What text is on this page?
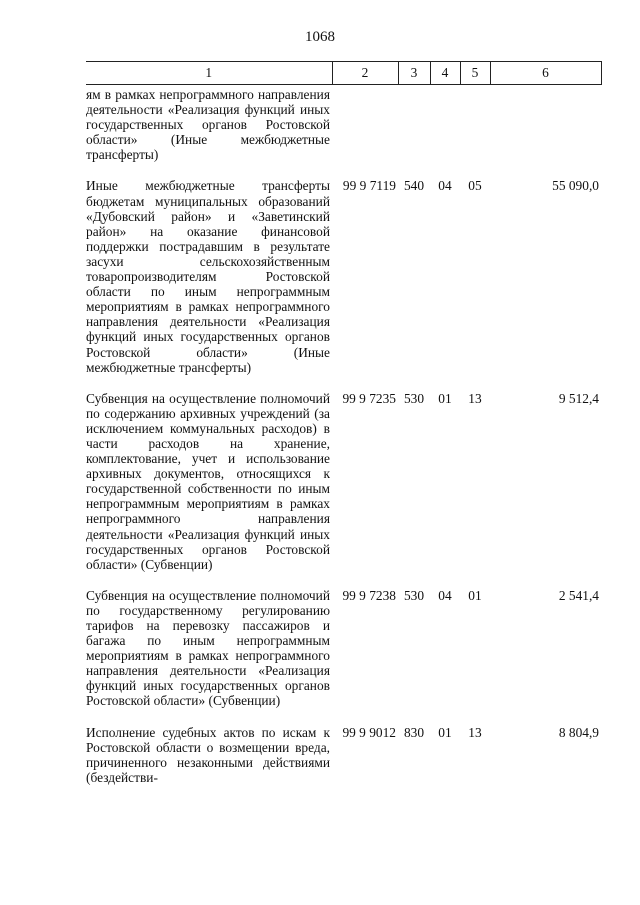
1068
1	2	3	4	5	6
ям в рамках непрограммного направления деятельности «Реализация функций иных государственных органов Ростовской области» (Иные межбюджетные трансферты)					
Иные межбюджетные трансферты бюджетам муниципальных образований «Дубовский район» и «Заветинский район» на оказание финансовой поддержки пострадавшим в результате засухи сельскохозяйственным товаропроизводителям Ростовской области по иным непрограммным мероприятиям в рамках непрограммного направления деятельности «Реализация функций иных государственных органов Ростовской области» (Иные межбюджетные трансферты)	99 9 7119	540	04	05	55 090,0
Субвенция на осуществление полномочий по содержанию архивных учреждений (за исключением коммунальных расходов) в части расходов на хранение, комплектование, учет и использование архивных документов, относящихся к государственной собственности по иным непрограммным мероприятиям в рамках непрограммного направления деятельности «Реализация функций иных государственных органов Ростовской области» (Субвенции)	99 9 7235	530	01	13	9 512,4
Субвенция на осуществление полномочий по государственному регулированию тарифов на перевозку пассажиров и багажа по иным непрограммным мероприятиям в рамках непрограммного направления деятельности «Реализация функций иных государственных органов Ростовской области» (Субвенции)	99 9 7238	530	04	01	2 541,4
Исполнение судебных актов по искам к Ростовской области о возмещении вреда, причиненного незаконными действиями (бездействи-	99 9 9012	830	01	13	8 804,9
